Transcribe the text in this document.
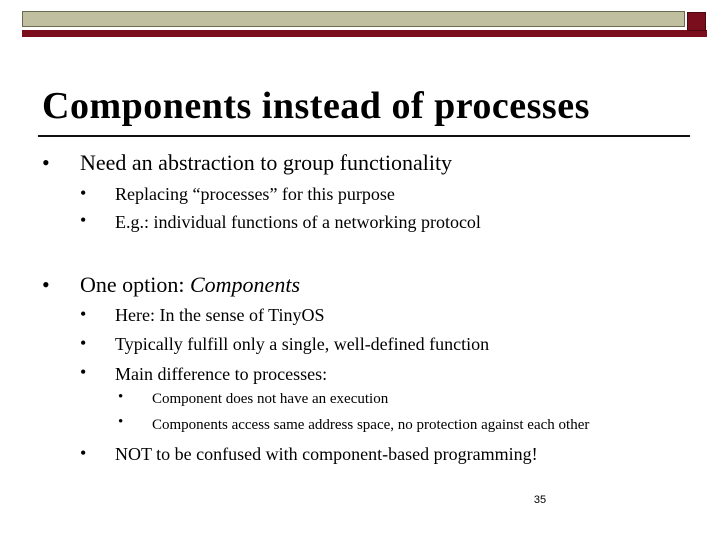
Components instead of processes
• Need an abstraction to group functionality
• Replacing “processes” for this purpose
• E.g.: individual functions of a networking protocol
• One option: Components
• Here: In the sense of TinyOS
• Typically fulfill only a single, well-defined function
• Main difference to processes:
• Component does not have an execution
• Components access same address space, no protection against each other
• NOT to be confused with component-based programming!
35
